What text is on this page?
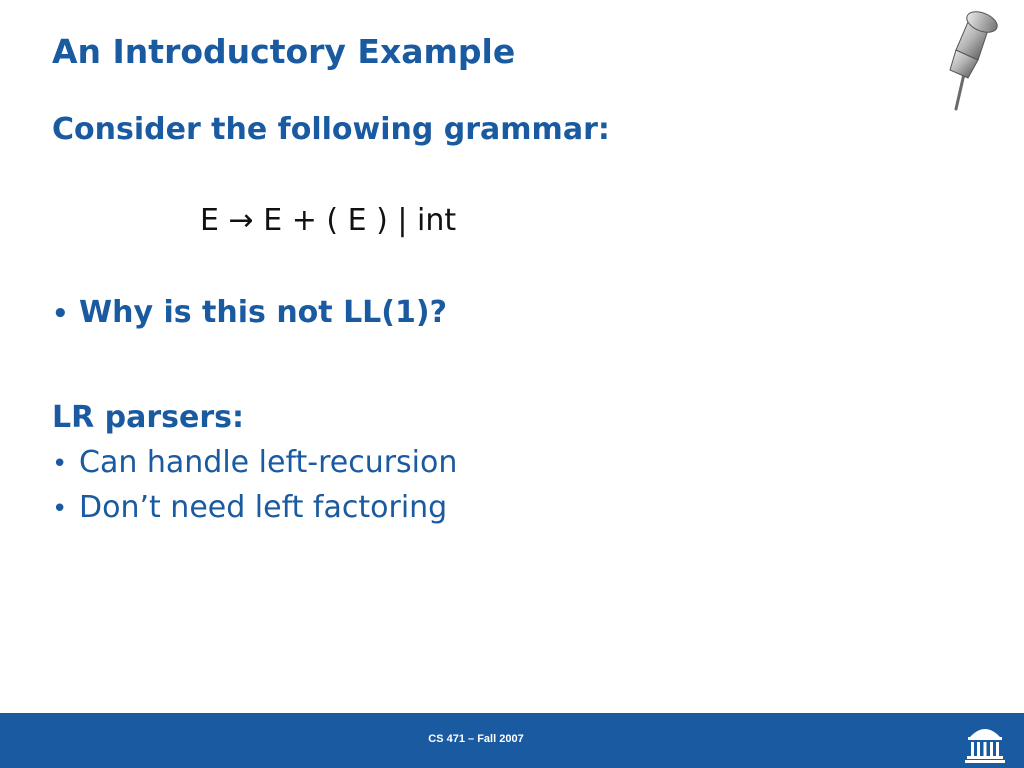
An Introductory Example
Consider the following grammar:
E → E + ( E ) | int
• Why is this not LL(1)?
LR parsers:
• Can handle left-recursion
• Don’t need left factoring
CS 471 – Fall 2007
